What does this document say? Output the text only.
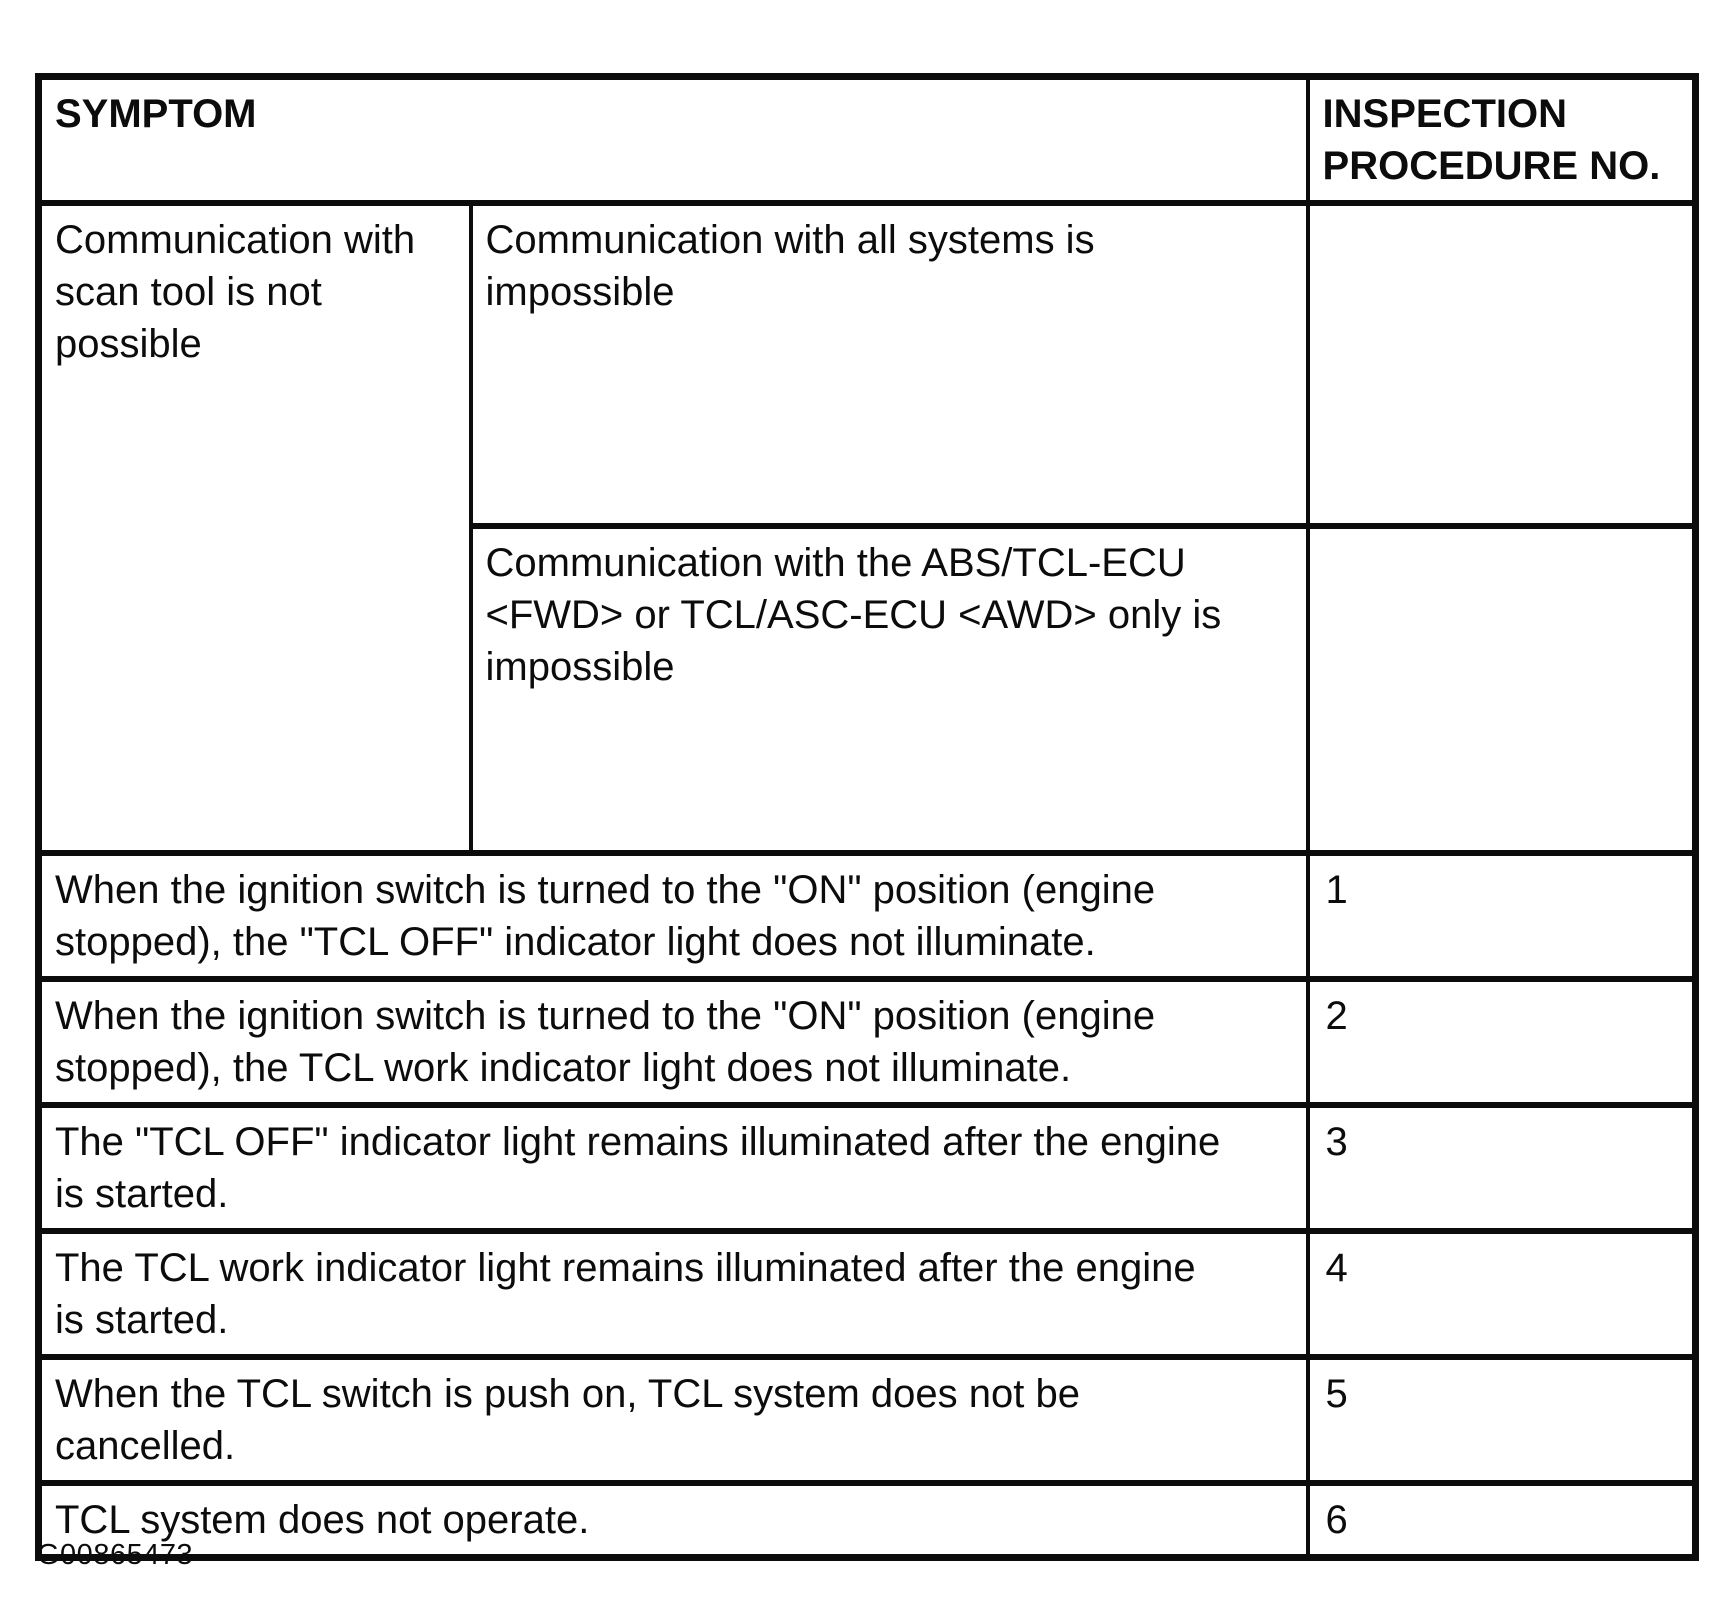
SYMPTOM		INSPECTION PROCEDURE NO.
Communication with
scan tool is not
possible	Communication with all systems is
impossible	
	Communication with the ABS/TCL-ECU
<FWD> or TCL/ASC-ECU <AWD> only is
impossible	
When the ignition switch is turned to the "ON" position (engine
stopped), the "TCL OFF" indicator light does not illuminate.		1
When the ignition switch is turned to the "ON" position (engine
stopped), the TCL work indicator light does not illuminate.		2
The "TCL OFF" indicator light remains illuminated after the engine
is started.		3
The TCL work indicator light remains illuminated after the engine
is started.		4
When the TCL switch is push on, TCL system does not be
cancelled.		5
TCL system does not operate.		6
G00865473
